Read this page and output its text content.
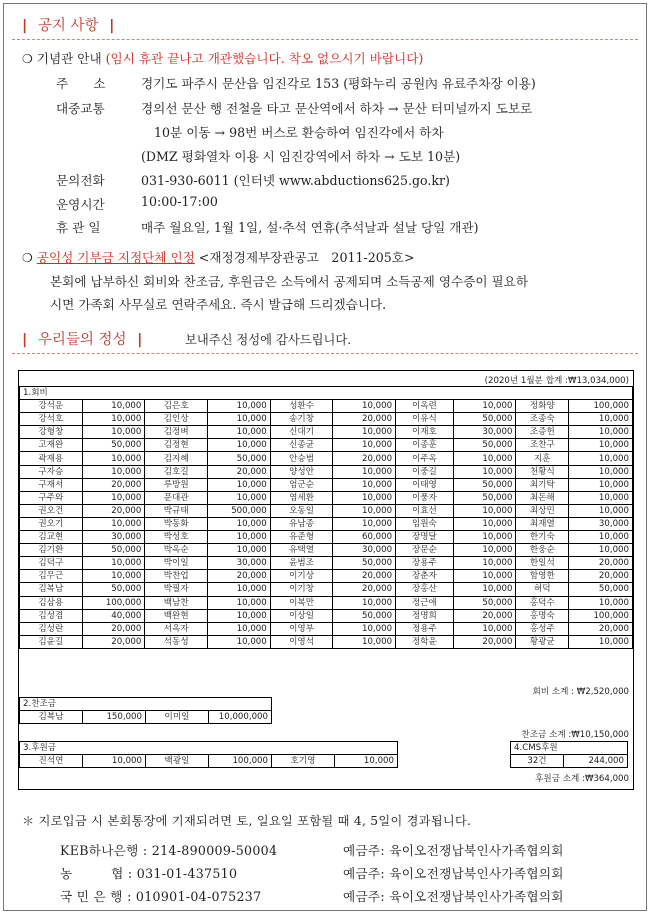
| 공지 사항 |
❍ 기념관 안내 (임시 휴관 끝나고 개관했습니다. 착오 없으시기 바랍니다)
주　　소	경기도 파주시 문산읍 임진각로 153 (평화누리 공원內 유료주차장 이용)
대중교통	경의선 문산 행 전철을 타고 문산역에서 하차 → 문산 터미널까지 도보로
10분 이동 → 98번 버스로 환승하여 임진각에서 하차
(DMZ 평화열차 이용 시 임진강역에서 하차 → 도보 10분)
문의전화	031-930-6011 (인터넷 www.abductions625.go.kr)
운영시간	10:00-17:00
휴 관 일	매주 월요일, 1월 1일, 설·추석 연휴(추석날과 설날 당일 개관)
❍ 공익성 기부금 지정단체 인정 <재정경제부장관공고　2011-205호>
본회에 납부하신 회비와 찬조금, 후원금은 소득에서 공제되며 소득공제 영수증이 필요하
시면 가족회 사무실로 연락주세요. 즉시 발급해 드리겠습니다.
| 우리들의 정성 |	보내주신 정성에 감사드립니다.
(2020년 1월분 합계 :₩13,034,000)
1.회비									
강석운	10,000	김은호	10,000	성환수	10,000	이옥련	10,000	정화양	100,000
강석호	10,000	김인상	10,000	송기창	20,000	이유식	50,000	조종숙	10,000
강형창	10,000	김정벼	10,000	신대기	10,000	이재호	30,000	조증헌	10,000
고재완	50,000	김정현	10,000	신종균	10,000	이종훈	50,000	조찬구	10,000
곽재용	10,000	김지혜	50,000	안승범	20,000	이주옥	10,000	지훈	10,000
구자승	10,000	김호길	20,000	양성안	10,000	이중길	10,000	천황식	10,000
구재서	20,000	루방원	10,000	엄군순	10,000	이태영	50,000	최기탁	10,000
구주와	10,000	문대관	10,000	염세환	10,000	이풍자	50,000	최돈해	10,000
권오건	20,000	박규태	500,000	오동일	10,000	이효선	10,000	최상민	10,000
권오기	10,000	박동화	10,000	유남종	10,000	임원숙	10,000	최재열	30,000
김교현	30,000	박성호	10,000	유준형	60,000	장명달	10,000	한기숙	10,000
김기환	50,000	박옥순	10,000	유택열	30,000	장문순	10,000	한웅순	10,000
김덕구	10,000	박이일	30,000	윤범조	50,000	장용주	10,000	한일석	20,000
김무근	10,000	박찬업	20,000	이기상	20,000	장춘자	10,000	함영한	20,000
김복남	50,000	박필자	10,000	이기창	20,000	장홍산	10,000	허덕	50,000
김삼용	100,000	백남찬	10,000	이복만	10,000	정근애	50,000	홍덕수	10,000
김성겸	40,000	백완현	10,000	이상일	50,000	정명희	20,000	홍명숙	100,000
김성란	20,000	서옥자	10,000	이영부	10,000	정용주	10,000	홍성주	20,000
김윤길	20,000	석동성	10,000	이영석	10,000	정학윤	20,000	황광균	10,000
회비 소계 : ₩2,520,000
2.찬조금
김복남	150,000	이미일	10,000,000
찬조금 소계 :₩10,150,000
3.후원금
진석연	10,000	백광일	100,000	호기영	10,000
4.CMS후원
32건	244,000
후원금 소계 :₩364,000
＊ 지로입금 시 본회통장에 기재되려면 토, 일요일 포함될 때 4, 5일이 경과됩니다.
KEB하나은행 : 214-890009-50004	예금주: 육이오전쟁납북인사가족협의회
농　　　협 : 031-01-437510	예금주: 육이오전쟁납북인사가족협의회
국 민 은 행 : 010901-04-075237	예금주: 육이오전쟁납북인사가족협의회
